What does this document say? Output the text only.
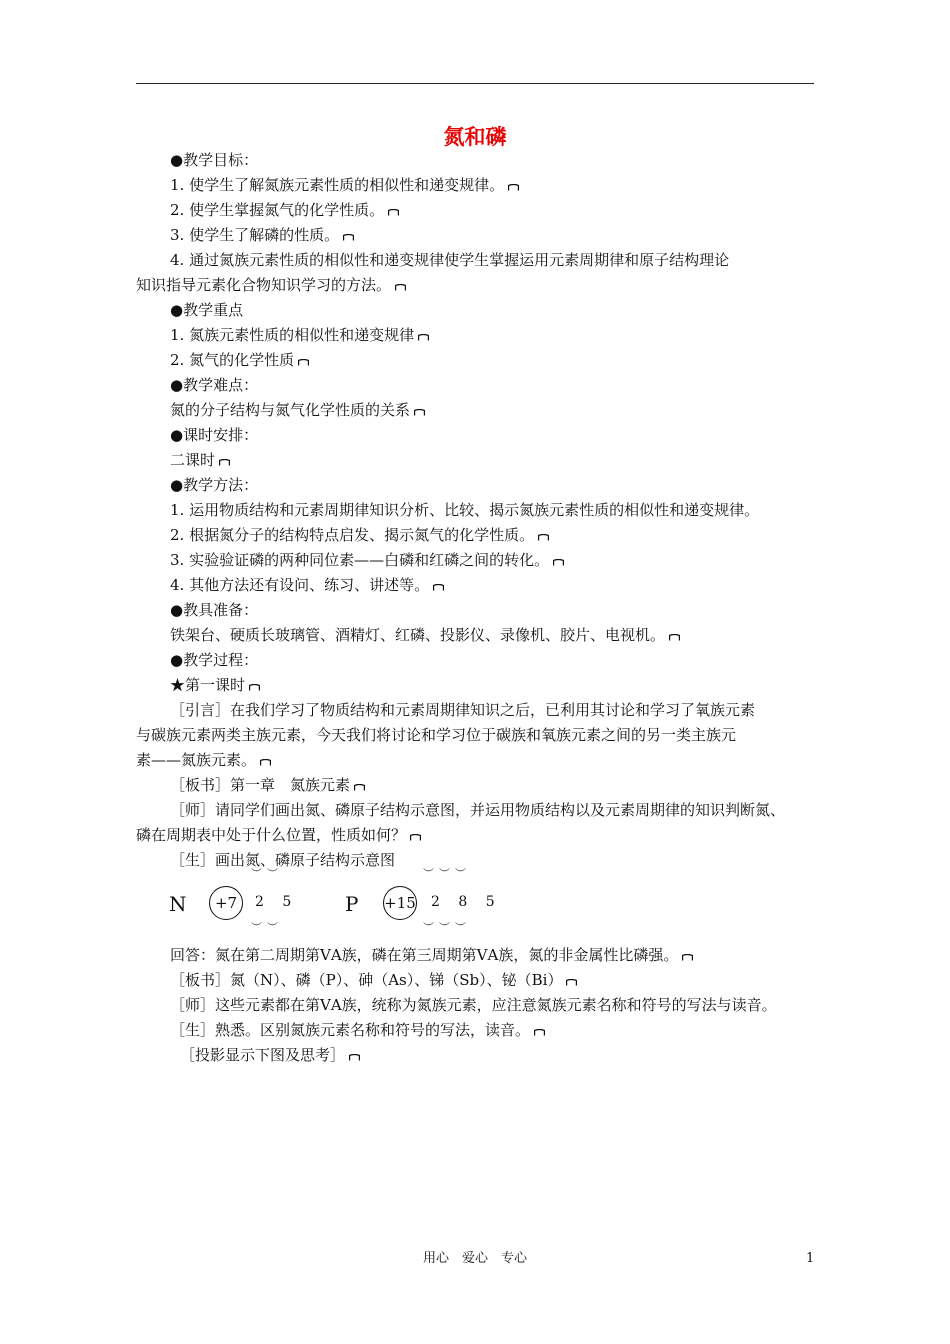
氮和磷
●教学目标：
1. 使学生了解氮族元素性质的相似性和递变规律。
2. 使学生掌握氮气的化学性质。
3. 使学生了解磷的性质。
4. 通过氮族元素性质的相似性和递变规律使学生掌握运用元素周期律和原子结构理论
知识指导元素化合物知识学习的方法。
●教学重点
1. 氮族元素性质的相似性和递变规律
2. 氮气的化学性质
●教学难点：
氮的分子结构与氮气化学性质的关系
●课时安排：
二课时
●教学方法：
1. 运用物质结构和元素周期律知识分析、比较、揭示氮族元素性质的相似性和递变规律。
2. 根据氮分子的结构特点启发、揭示氮气的化学性质。
3. 实验验证磷的两种同位素——白磷和红磷之间的转化。
4. 其他方法还有设问、练习、讲述等。
●教具准备：
铁架台、硬质长玻璃管、酒精灯、红磷、投影仪、录像机、胶片、电视机。
●教学过程：
★第一课时
［引言］在我们学习了物质结构和元素周期律知识之后，已利用其讨论和学习了氧族元素
与碳族元素两类主族元素，今天我们将讨论和学习位于碳族和氧族元素之间的另一类主族元
素——氮族元素。
［板书］第一章　氮族元素
［师］请同学们画出氮、磷原子结构示意图，并运用物质结构以及元素周期律的知识判断氮、
磷在周期表中处于什么位置，性质如何？
［生］画出氮、磷原子结构示意图
回答：氮在第二周期第ⅤA族，磷在第三周期第ⅤA族，氮的非金属性比磷强。
［板书］氮（N）、磷（P）、砷（As）、锑（Sb）、铋（Bi）
［师］这些元素都在第ⅤA族，统称为氮族元素，应注意氮族元素名称和符号的写法与读音。
［生］熟悉。区别氮族元素名称和符号的写法，读音。
［投影显示下图及思考］
N	+7
︶︶
2 5
︶︶
P +15
︶︶︶
2 8 5
︶︶︶
用心　爱心　专心	1
